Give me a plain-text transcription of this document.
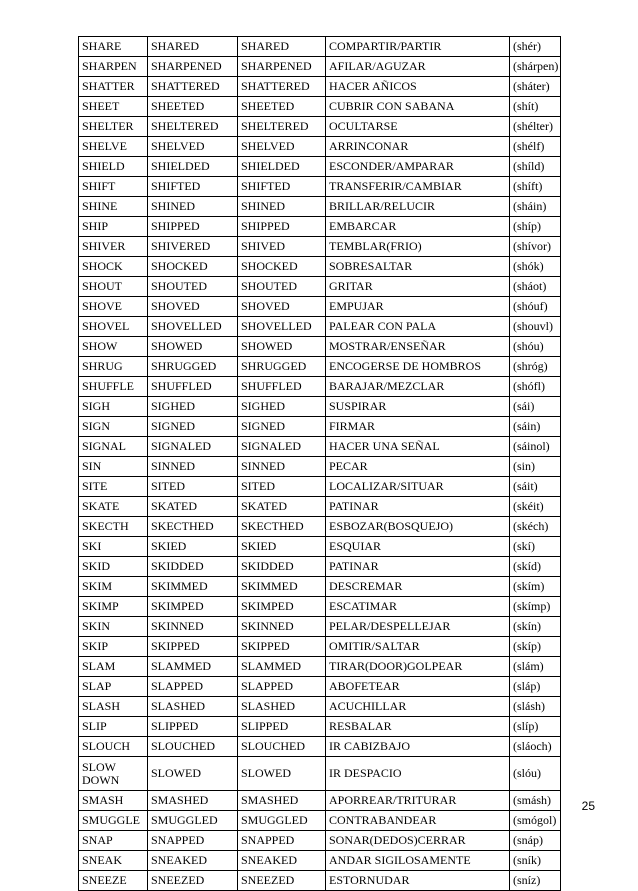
SHARE	SHARED	SHARED	COMPARTIR/PARTIR	(shér)
SHARPEN	SHARPENED	SHARPENED	AFILAR/AGUZAR	(shárpen)
SHATTER	SHATTERED	SHATTERED	HACER AÑICOS	(sháter)
SHEET	SHEETED	SHEETED	CUBRIR CON SABANA	(shít)
SHELTER	SHELTERED	SHELTERED	OCULTARSE	(shélter)
SHELVE	SHELVED	SHELVED	ARRINCONAR	(shélf)
SHIELD	SHIELDED	SHIELDED	ESCONDER/AMPARAR	(shíld)
SHIFT	SHIFTED	SHIFTED	TRANSFERIR/CAMBIAR	(shíft)
SHINE	SHINED	SHINED	BRILLAR/RELUCIR	(sháin)
SHIP	SHIPPED	SHIPPED	EMBARCAR	(shíp)
SHIVER	SHIVERED	SHIVED	TEMBLAR(FRIO)	(shívor)
SHOCK	SHOCKED	SHOCKED	SOBRESALTAR	(shók)
SHOUT	SHOUTED	SHOUTED	GRITAR	(sháot)
SHOVE	SHOVED	SHOVED	EMPUJAR	(shóuf)
SHOVEL	SHOVELLED	SHOVELLED	PALEAR CON PALA	(shouvl)
SHOW	SHOWED	SHOWED	MOSTRAR/ENSEÑAR	(shóu)
SHRUG	SHRUGGED	SHRUGGED	ENCOGERSE DE HOMBROS	(shróg)
SHUFFLE	SHUFFLED	SHUFFLED	BARAJAR/MEZCLAR	(shófl)
SIGH	SIGHED	SIGHED	SUSPIRAR	(sái)
SIGN	SIGNED	SIGNED	FIRMAR	(sáin)
SIGNAL	SIGNALED	SIGNALED	HACER UNA SEÑAL	(sáinol)
SIN	SINNED	SINNED	PECAR	(sin)
SITE	SITED	SITED	LOCALIZAR/SITUAR	(sáit)
SKATE	SKATED	SKATED	PATINAR	(skéit)
SKECTH	SKECTHED	SKECTHED	ESBOZAR(BOSQUEJO)	(skéch)
SKI	SKIED	SKIED	ESQUIAR	(skí)
SKID	SKIDDED	SKIDDED	PATINAR	(skíd)
SKIM	SKIMMED	SKIMMED	DESCREMAR	(skím)
SKIMP	SKIMPED	SKIMPED	ESCATIMAR	(skímp)
SKIN	SKINNED	SKINNED	PELAR/DESPELLEJAR	(skín)
SKIP	SKIPPED	SKIPPED	OMITIR/SALTAR	(skíp)
SLAM	SLAMMED	SLAMMED	TIRAR(DOOR)GOLPEAR	(slám)
SLAP	SLAPPED	SLAPPED	ABOFETEAR	(sláp)
SLASH	SLASHED	SLASHED	ACUCHILLAR	(slásh)
SLIP	SLIPPED	SLIPPED	RESBALAR	(slíp)
SLOUCH	SLOUCHED	SLOUCHED	IR CABIZBAJO	(sláoch)
SLOW DOWN	SLOWED	SLOWED	IR DESPACIO	(slóu)
SMASH	SMASHED	SMASHED	APORREAR/TRITURAR	(smásh)
SMUGGLE	SMUGGLED	SMUGGLED	CONTRABANDEAR	(smógol)
SNAP	SNAPPED	SNAPPED	SONAR(DEDOS)CERRAR	(snáp)
SNEAK	SNEAKED	SNEAKED	ANDAR SIGILOSAMENTE	(sník)
SNEEZE	SNEEZED	SNEEZED	ESTORNUDAR	(sníz)
25
